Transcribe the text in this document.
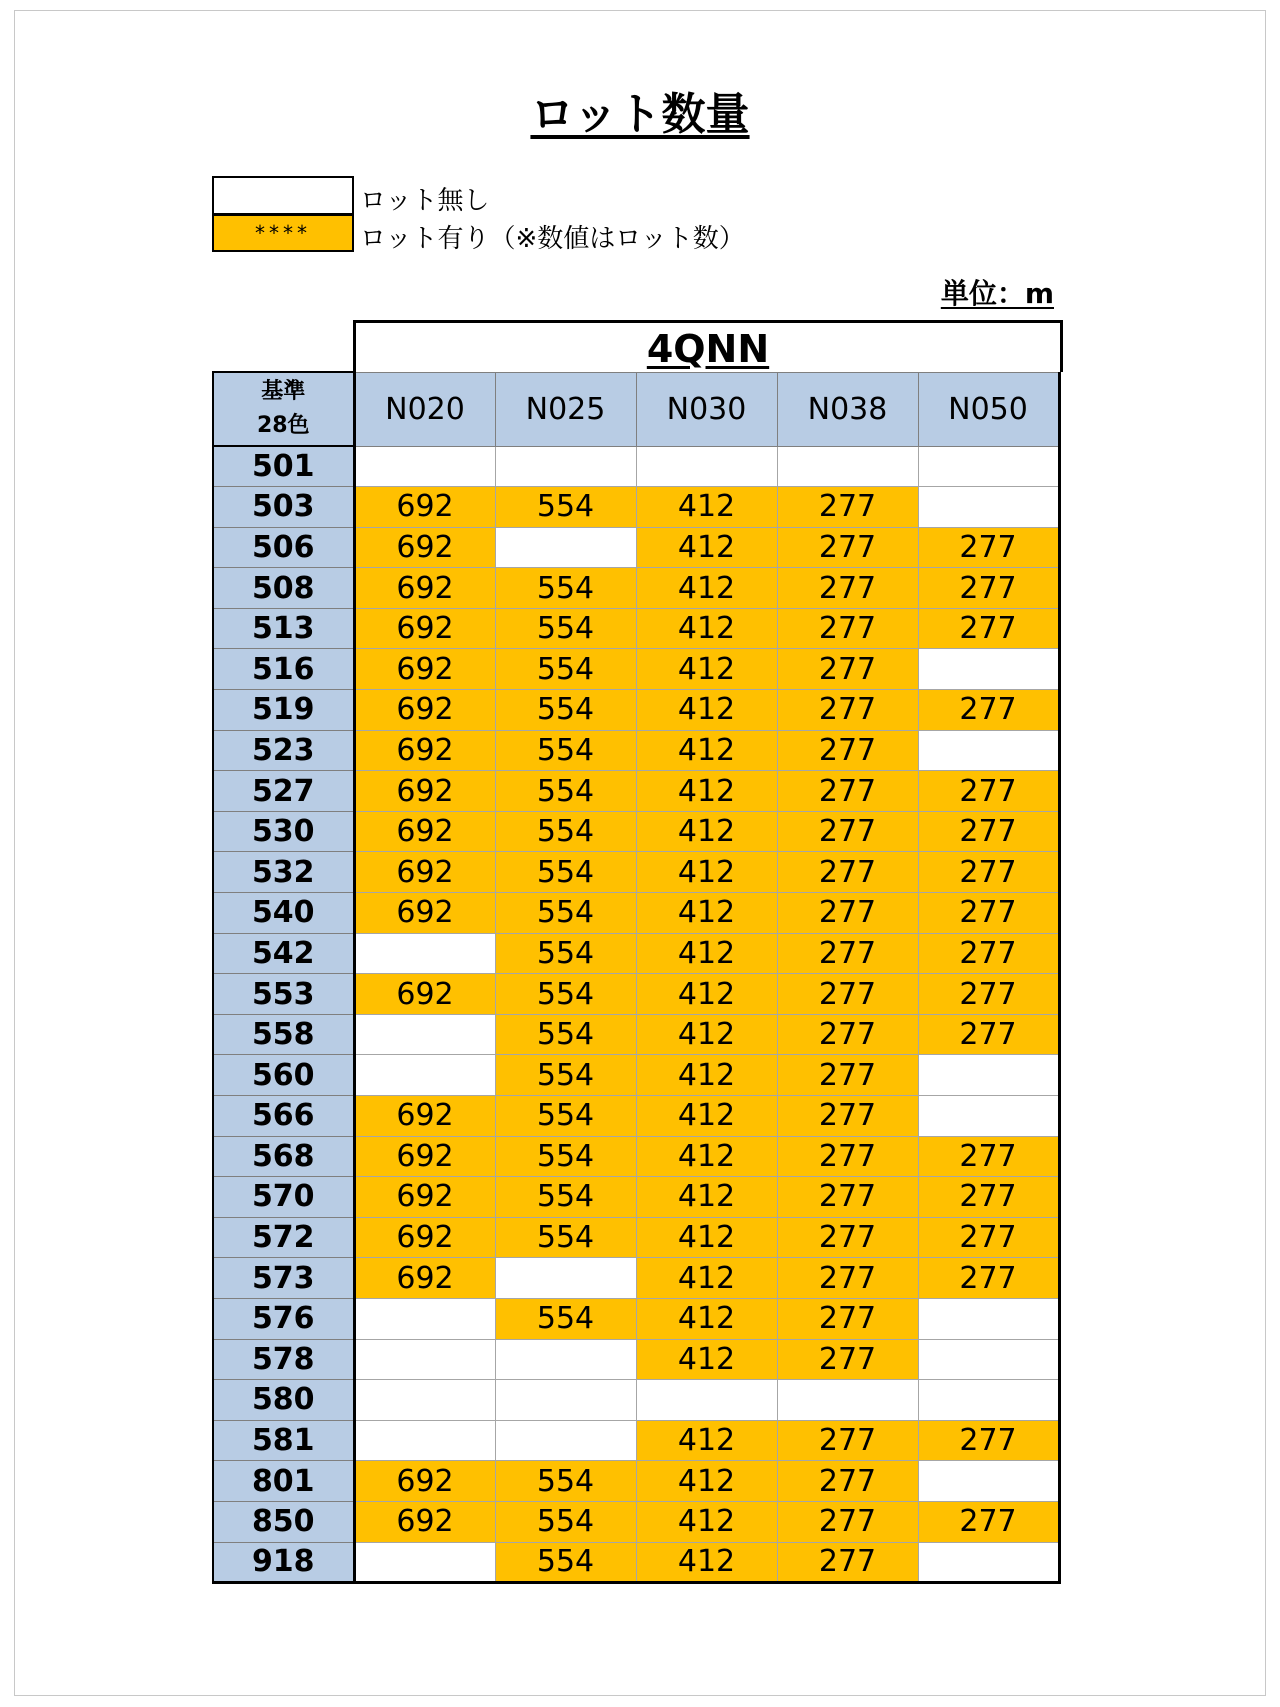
ロット数量
ロット無し
****	ロット有り（※数値はロット数）
単位：m
4QNN
基準
28色	N020	N025	N030	N038	N050
501					
503	692	554	412	277	
506	692		412	277	277
508	692	554	412	277	277
513	692	554	412	277	277
516	692	554	412	277	
519	692	554	412	277	277
523	692	554	412	277	
527	692	554	412	277	277
530	692	554	412	277	277
532	692	554	412	277	277
540	692	554	412	277	277
542		554	412	277	277
553	692	554	412	277	277
558		554	412	277	277
560		554	412	277	
566	692	554	412	277	
568	692	554	412	277	277
570	692	554	412	277	277
572	692	554	412	277	277
573	692		412	277	277
576		554	412	277	
578			412	277	
580					
581			412	277	277
801	692	554	412	277	
850	692	554	412	277	277
918		554	412	277	
